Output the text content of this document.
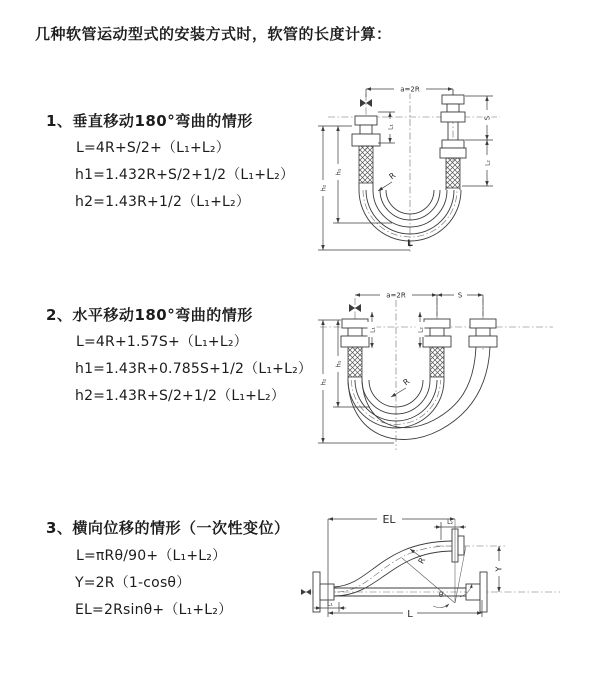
几种软管运动型式的安装方式时，软管的长度计算：
1、垂直移动180°弯曲的情形
L=4R+S/2+（L₁+L₂）
h1=1.432R+S/2+1/2（L₁+L₂）
h2=1.43R+1/2（L₁+L₂）
2、水平移动180°弯曲的情形
L=4R+1.57S+（L₁+L₂）
h1=1.43R+0.785S+1/2（L₁+L₂）
h2=1.43R+S/2+1/2（L₁+L₂）
3、横向位移的情形（一次性变位）
L=πRθ/90+（L₁+L₂）
Y=2R（1-cosθ）
EL=2Rsinθ+（L₁+L₂）
a=2R
S
L₂
L₁
h₁
h₂
R
L
a=2R	S
L₁	L₂
h₁
h₂	R
θ
EL	L₂
Y
L₁
L
R
